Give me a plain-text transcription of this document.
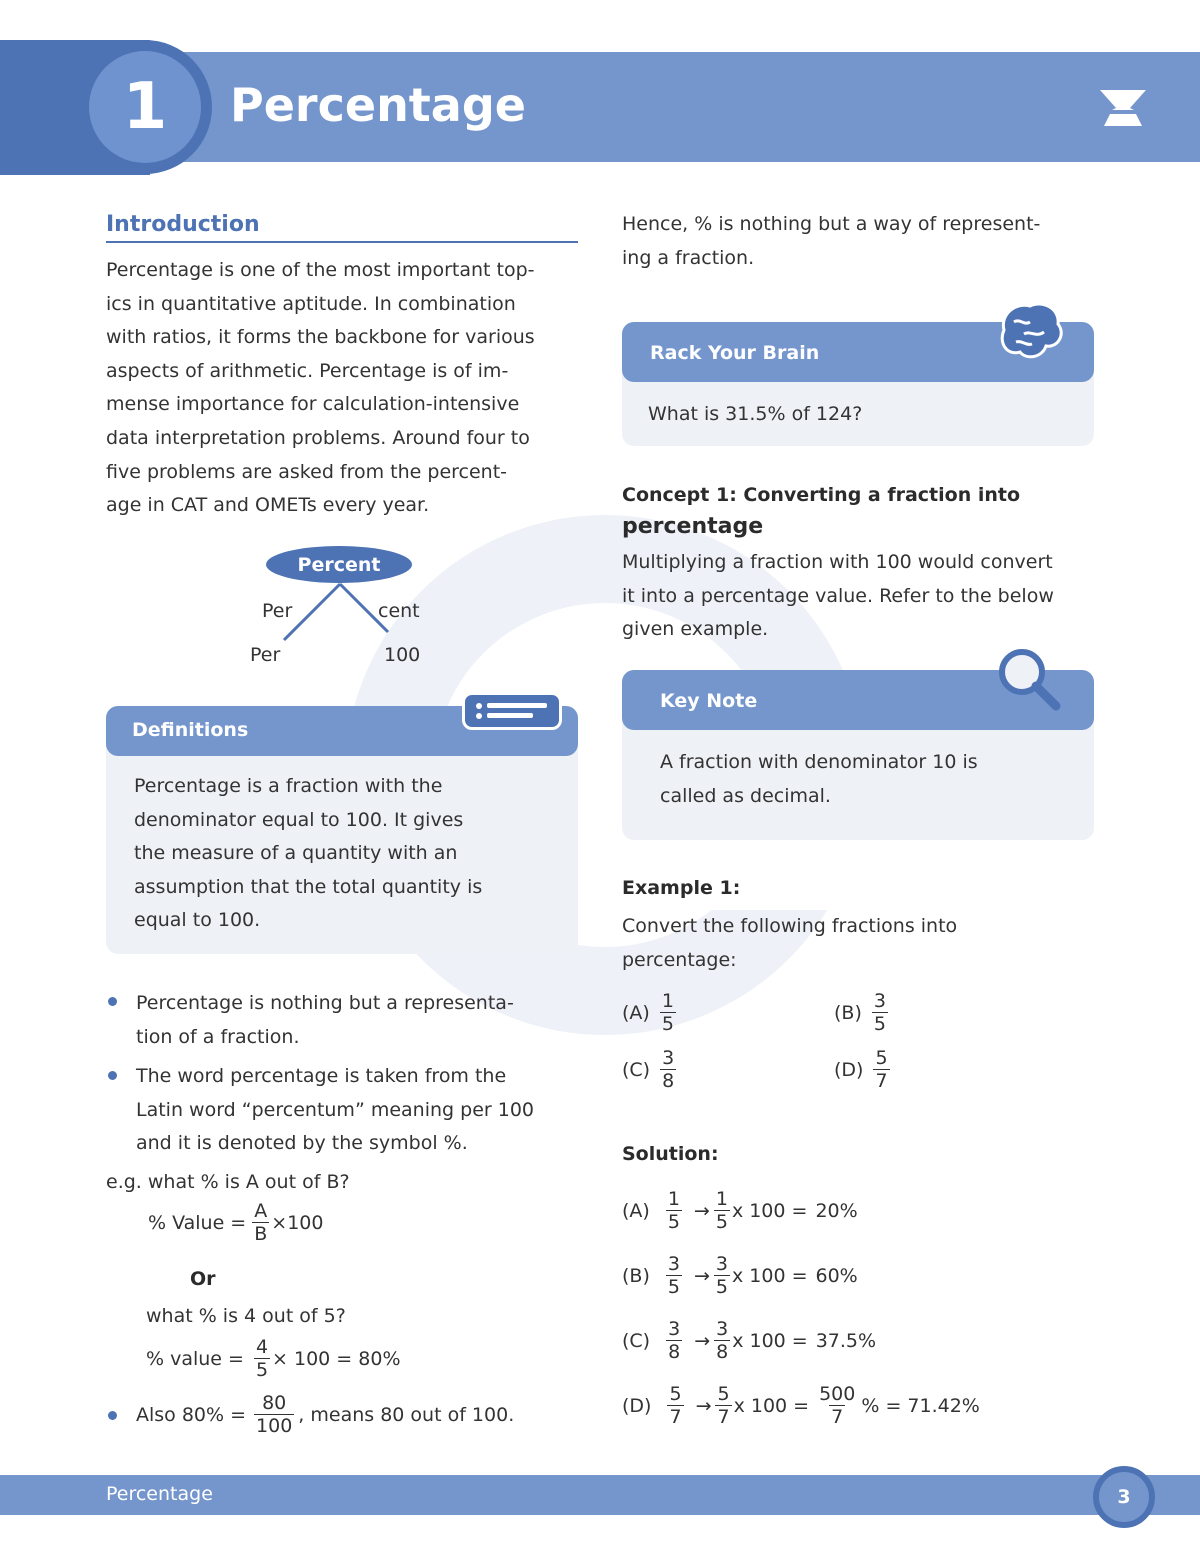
1	Percentage
Introduction
Percentage is one of the most important top-
ics in quantitative aptitude. In combination
with ratios, it forms the backbone for various
aspects of arithmetic. Percentage is of im-
mense importance for calculation-intensive
data interpretation problems. Around four to
five problems are asked from the percent-
age in CAT and OMETs every year.
Percent
Per	cent
Per	100
Definitions
Percentage is a fraction with the
denominator equal to 100. It gives
the measure of a quantity with an
assumption that the total quantity is
equal to 100.
Percentage is nothing but a representa-
tion of a fraction.
The word percentage is taken from the
Latin word “percentum” meaning per 100
and it is denoted by the symbol %.
e.g. what % is A out of B?
% Value = $\frac{A}{B} \times 100$
Or
what % is 4 out of 5?
% value = $\frac{4}{5} \times 100 = 80\%$
Also $80\% = \frac{80}{100}$ , means 80 out of 100.
Hence, % is nothing but a way of represent-
ing a fraction.
Rack Your Brain
What is 31.5% of 124?
Concept 1: Converting a fraction into
percentage
Multiplying a fraction with 100 would convert
it into a percentage value. Refer to the below
given example.
Key Note
A fraction with denominator 10 is
called as decimal.
Example 1:
Convert the following fractions into
percentage:
$(A) \frac{1}{5}$	$(B) \frac{3}{5}$
$(C) \frac{3}{8}$	$(D) \frac{5}{7}$
Solution:
$(A) \frac{1}{5} \to \frac{1}{5}$ x 100 = 20%
$(B) \frac{3}{5} \to \frac{3}{5}$ x 100 = 60%
$(C) \frac{3}{8} \to \frac{3}{8}$ x 100 = 37.5%
$(D) \frac{5}{7} \to \frac{5}{7}$ x $100 = \frac{500}{7}$ % = 71.42%
Percentage	3
